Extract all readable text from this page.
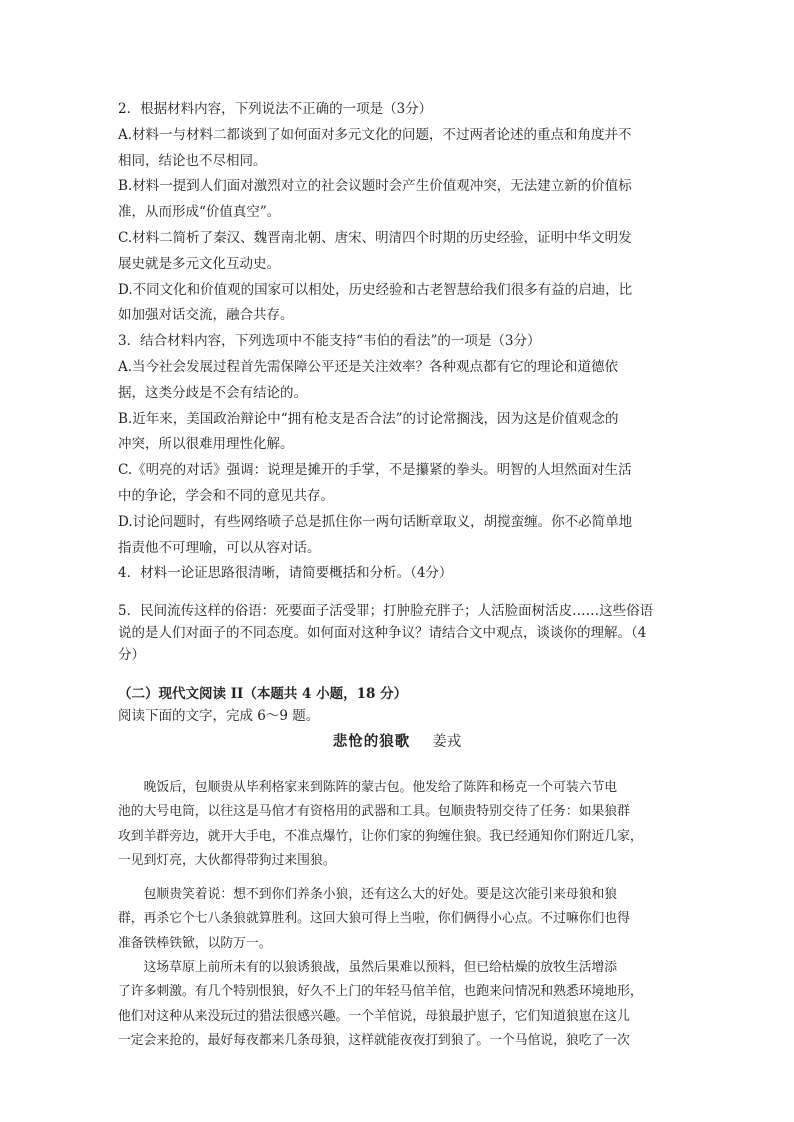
2．根据材料内容，下列说法不正确的一项是（3分）

A.材料一与材料二都谈到了如何面对多元文化的问题，不过两者论述的重点和角度并不

相同，结论也不尽相同。

B.材料一提到人们面对激烈对立的社会议题时会产生价值观冲突，无法建立新的价值标

准，从而形成“价值真空”。

C.材料二简析了秦汉、魏晋南北朝、唐宋、明清四个时期的历史经验，证明中华文明发

展史就是多元文化互动史。

D.不同文化和价值观的国家可以相处，历史经验和古老智慧给我们很多有益的启迪，比

如加强对话交流，融合共存。

3．结合材料内容，下列选项中不能支持“韦伯的看法”的一项是（3分）

A.当今社会发展过程首先需保障公平还是关注效率？各种观点都有它的理论和道德依

据，这类分歧是不会有结论的。

B.近年来，美国政治辩论中“拥有枪支是否合法”的讨论常搁浅，因为这是价值观念的

冲突，所以很难用理性化解。

C.《明亮的对话》强调：说理是摊开的手掌，不是攥紧的拳头。明智的人坦然面对生活

中的争论，学会和不同的意见共存。

D.讨论问题时，有些网络喷子总是抓住你一两句话断章取义，胡搅蛮缠。你不必简单地

指责他不可理喻，可以从容对话。

4．材料一论证思路很清晰，请简要概括和分析。（4分）

5．民间流传这样的俗语：死要面子活受罪；打肿脸充胖子；人活脸面树活皮……这些俗语

说的是人们对面子的不同态度。如何面对这种争议？请结合文中观点，谈谈你的理解。（4

分）

（二）现代文阅读 II（本题共 4 小题，18 分）

阅读下面的文字，完成 6～9 题。

悲怆的狼歌 姜戎

　　晚饭后，包顺贵从毕利格家来到陈阵的蒙古包。他发给了陈阵和杨克一个可装六节电

池的大号电筒，以往这是马倌才有资格用的武器和工具。包顺贵特别交待了任务：如果狼群

攻到羊群旁边，就开大手电，不准点爆竹，让你们家的狗缠住狼。我已经通知你们附近几家，

一见到灯亮，大伙都得带狗过来围狼。

　　包顺贵笑着说：想不到你们养条小狼，还有这么大的好处。要是这次能引来母狼和狼

群，再杀它个七八条狼就算胜利。这回大狼可得上当啦，你们俩得小心点。不过嘛你们也得

准备铁棒铁锨，以防万一。

　　这场草原上前所未有的以狼诱狼战，虽然后果难以预料，但已给枯燥的放牧生活增添

了许多刺激。有几个特别恨狼，好久不上门的年轻马倌羊倌，也跑来问情况和熟悉环境地形，

他们对这种从来没玩过的猎法很感兴趣。一个羊倌说，母狼最护崽子，它们知道狼崽在这儿

一定会来抢的，最好每夜都来几条母狼，这样就能夜夜打到狼了。一个马倌说，狼吃了一次
